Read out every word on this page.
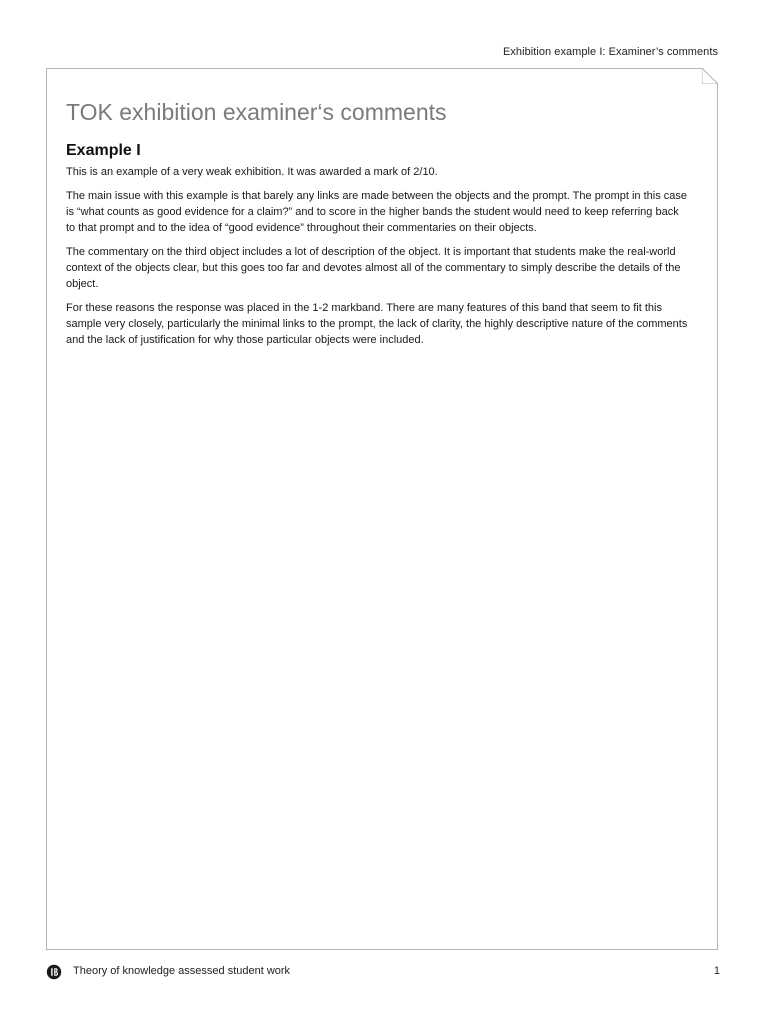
Exhibition example I: Examiner’s comments
TOK exhibition examiner‘s comments
Example I

This is an example of a very weak exhibition. It was awarded a mark of 2/10.

The main issue with this example is that barely any links are made between the objects and the prompt. The prompt in this case is “what counts as good evidence for a claim?” and to score in the higher bands the student would need to keep referring back to that prompt and to the idea of “good evidence” throughout their commentaries on their objects.

The commentary on the third object includes a lot of description of the object. It is important that students make the real-world context of the objects clear, but this goes too far and devotes almost all of the commentary to simply describe the details of the object.

For these reasons the response was placed in the 1-2 markband. There are many features of this band that seem to fit this sample very closely, particularly the minimal links to the prompt, the lack of clarity, the highly descriptive nature of the comments and the lack of justification for why those particular objects were included.

Theory of knowledge assessed student work	1
